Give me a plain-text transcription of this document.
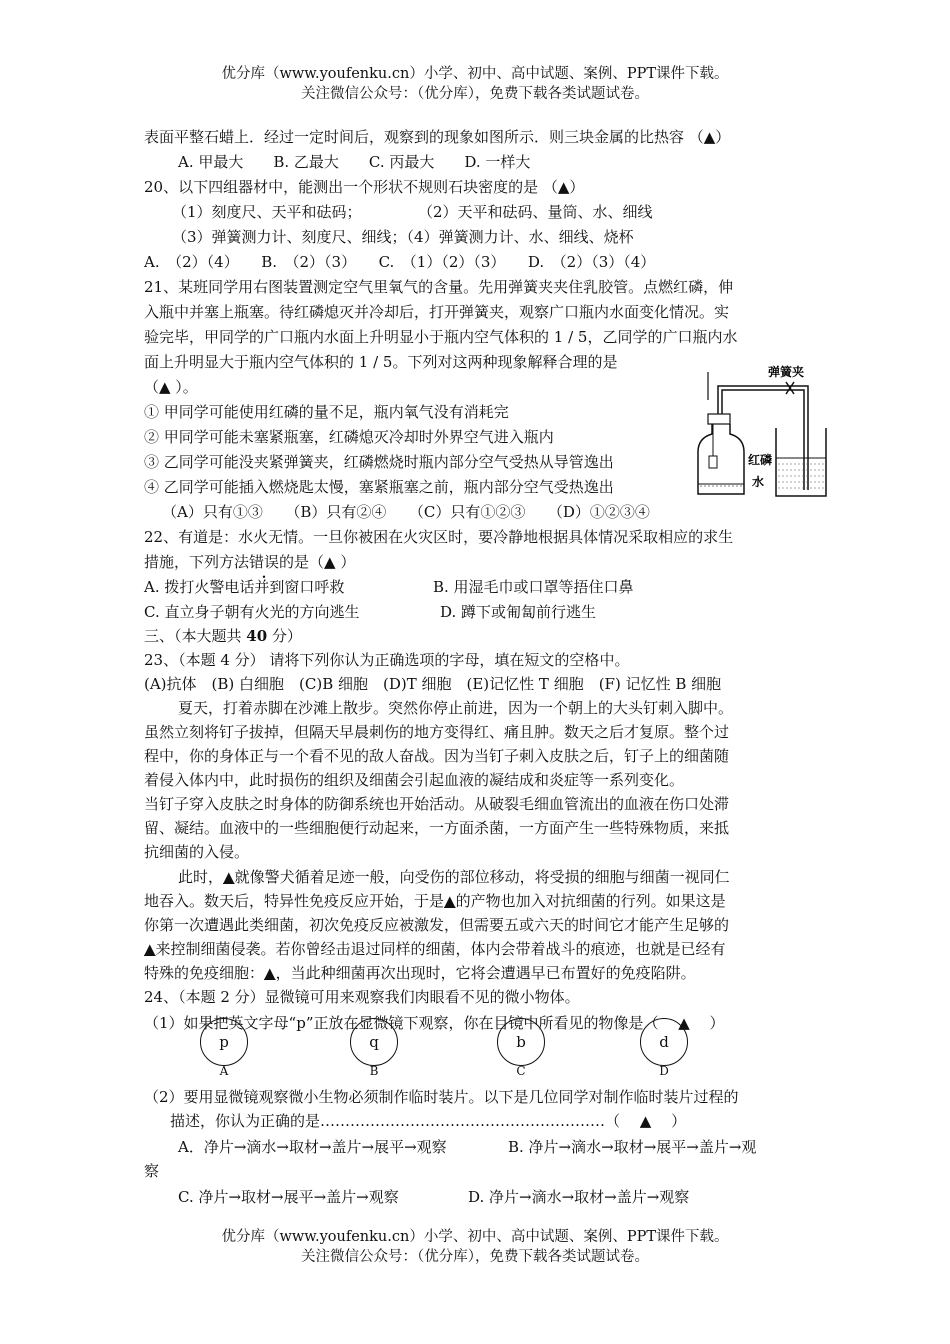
优分库（www.youfenku.cn）小学、初中、高中试题、案例、PPT课件下载。
关注微信公众号：（优分库），免费下载各类试题试卷。
表面平整石蜡上．经过一定时间后，观察到的现象如图所示．则三块金属的比热容 （▲）
A. 甲最大　　B. 乙最大　　C. 丙最大　　D. 一样大
20、以下四组器材中，能测出一个形状不规则石块密度的是 （▲）
（1）刻度尺、天平和砝码；	（2）天平和砝码、量筒、水、细线
（3）弹簧测力计、刻度尺、细线；（4）弹簧测力计、水、细线、烧杯
A.　（2）（4）　　B.　（2）（3）　　C.　（1）（2）（3）　　D.　（2）（3）（4）
21、某班同学用右图装置测定空气里氧气的含量。先用弹簧夹夹住乳胶管。点燃红磷，伸
入瓶中并塞上瓶塞。待红磷熄灭并冷却后，打开弹簧夹，观察广口瓶内水面变化情况。实
验完毕，甲同学的广口瓶内水面上升明显小于瓶内空气体积的 1 / 5，乙同学的广口瓶内水
面上升明显大于瓶内空气体积的 1 / 5。下列对这两种现象解释合理的是
（▲ ）。
① 甲同学可能使用红磷的量不足，瓶内氧气没有消耗完
② 甲同学可能未塞紧瓶塞，红磷熄灭冷却时外界空气进入瓶内
③ 乙同学可能没夹紧弹簧夹，红磷燃烧时瓶内部分空气受热从导管逸出
④ 乙同学可能插入燃烧匙太慢，塞紧瓶塞之前，瓶内部分空气受热逸出
（A）只有①③　　（B）只有②④　　（C）只有①②③　　（D）①②③④
弹簧夹
红磷
水
22、有道是：水火无情。一旦你被困在火灾区时，要冷静地根据具体情况采取相应的求生
措施，下列方法错误的是（▲ ）
A. 拨打火警电话并到窗口呼救	B. 用湿毛巾或口罩等捂住口鼻
C. 直立身子朝有火光的方向逃生	D. 蹲下或匍匐前行逃生
三、（本大题共 40 分）
23、（本题 4 分） 请将下列你认为正确选项的字母，填在短文的空格中。
(A)抗体　(B) 白细胞　(C)B 细胞　(D)T 细胞　(E)记忆性 T 细胞　(F) 记忆性 B 细胞
夏天，打着赤脚在沙滩上散步。突然你停止前进，因为一个朝上的大头钉刺入脚中。
虽然立刻将钉子拔掉，但隔天早晨刺伤的地方变得红、痛且肿。数天之后才复原。整个过
程中，你的身体正与一个看不见的敌人奋战。因为当钉子刺入皮肤之后，钉子上的细菌随
着侵入体内中，此时损伤的组织及细菌会引起血液的凝结成和炎症等一系列变化。
当钉子穿入皮肤之时身体的防御系统也开始活动。从破裂毛细血管流出的血液在伤口处滞
留、凝结。血液中的一些细胞便行动起来，一方面杀菌，一方面产生一些特殊物质，来抵
抗细菌的入侵。
此时，▲就像警犬循着足迹一般，向受伤的部位移动，将受损的细胞与细菌一视同仁
地吞入。数天后，特异性免疫反应开始，于是▲的产物也加入对抗细菌的行列。如果这是
你第一次遭遇此类细菌，初次免疫反应被激发，但需要五或六天的时间它才能产生足够的
▲来控制细菌侵袭。若你曾经击退过同样的细菌，体内会带着战斗的痕迹，也就是已经有
特殊的免疫细胞：▲，当此种细菌再次出现时，它将会遭遇早已布置好的免疫陷阱。
24、（本题 2 分）显微镜可用来观察我们肉眼看不见的微小物体。
（1）如果把英文字母“p”正放在显微镜下观察，你在目镜中所看见的物像是（　 ▲　 ）
p
A
q
B
b
C
d
D
（2）要用显微镜观察微小生物必须制作临时装片。以下是几位同学对制作临时装片过程的
描述，你认为正确的是…………………………………………………（　 ▲　 ）
A．净片→滴水→取材→盖片→展平→观察	B. 净片→滴水→取材→展平→盖片→观
察
C. 净片→取材→展平→盖片→观察	D. 净片→滴水→取材→盖片→观察
优分库（www.youfenku.cn）小学、初中、高中试题、案例、PPT课件下载。
关注微信公众号：（优分库），免费下载各类试题试卷。
